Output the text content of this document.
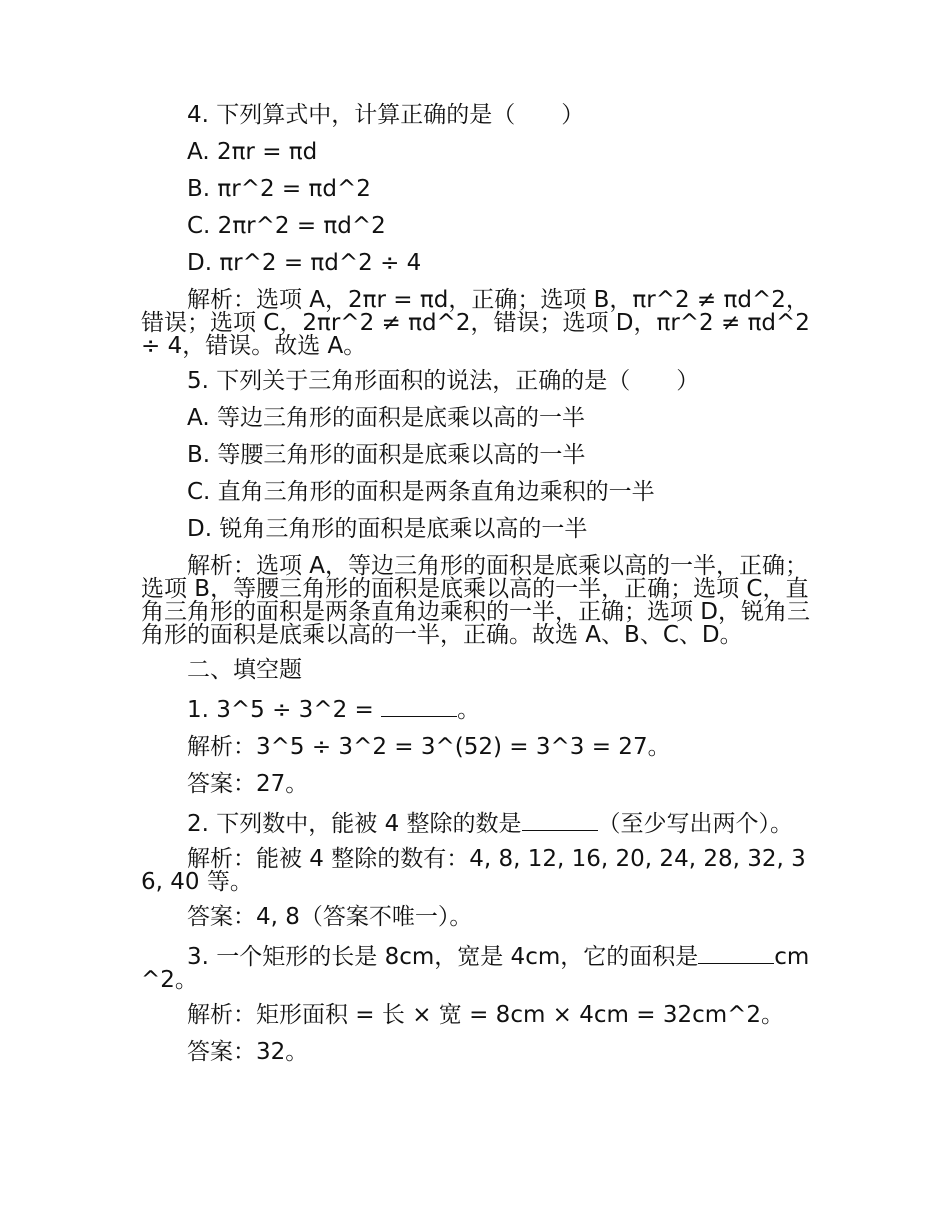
4. 下列算式中，计算正确的是（　　）

A. 2πr = πd

B. πr^2 = πd^2

C. 2πr^2 = πd^2

D. πr^2 = πd^2 ÷ 4

解析：选项 A，2πr = πd，正确；选项 B，πr^2 ≠ πd^2，错误；选项 C，2πr^2 ≠ πd^2，错误；选项 D，πr^2 ≠ πd^2 ÷ 4，错误。故选 A。

5. 下列关于三角形面积的说法，正确的是（　　）

A. 等边三角形的面积是底乘以高的一半

B. 等腰三角形的面积是底乘以高的一半

C. 直角三角形的面积是两条直角边乘积的一半

D. 锐角三角形的面积是底乘以高的一半

解析：选项 A，等边三角形的面积是底乘以高的一半，正确；选项 B，等腰三角形的面积是底乘以高的一半，正确；选项 C，直角三角形的面积是两条直角边乘积的一半，正确；选项 D，锐角三角形的面积是底乘以高的一半，正确。故选 A、B、C、D。

二、填空题

1. 3^5 ÷ 3^2 =	。

解析：3^5 ÷ 3^2 = 3^(52) = 3^3 = 27。

答案：27。

2. 下列数中，能被 4 整除的数是	（至少写出两个）。

解析：能被 4 整除的数有：4, 8, 12, 16, 20, 24, 28, 32, 36, 40 等。

答案：4, 8（答案不唯一）。

3. 一个矩形的长是 8cm，宽是 4cm，它的面积是	cm^2。

解析：矩形面积 = 长 × 宽 = 8cm × 4cm = 32cm^2。

答案：32。
